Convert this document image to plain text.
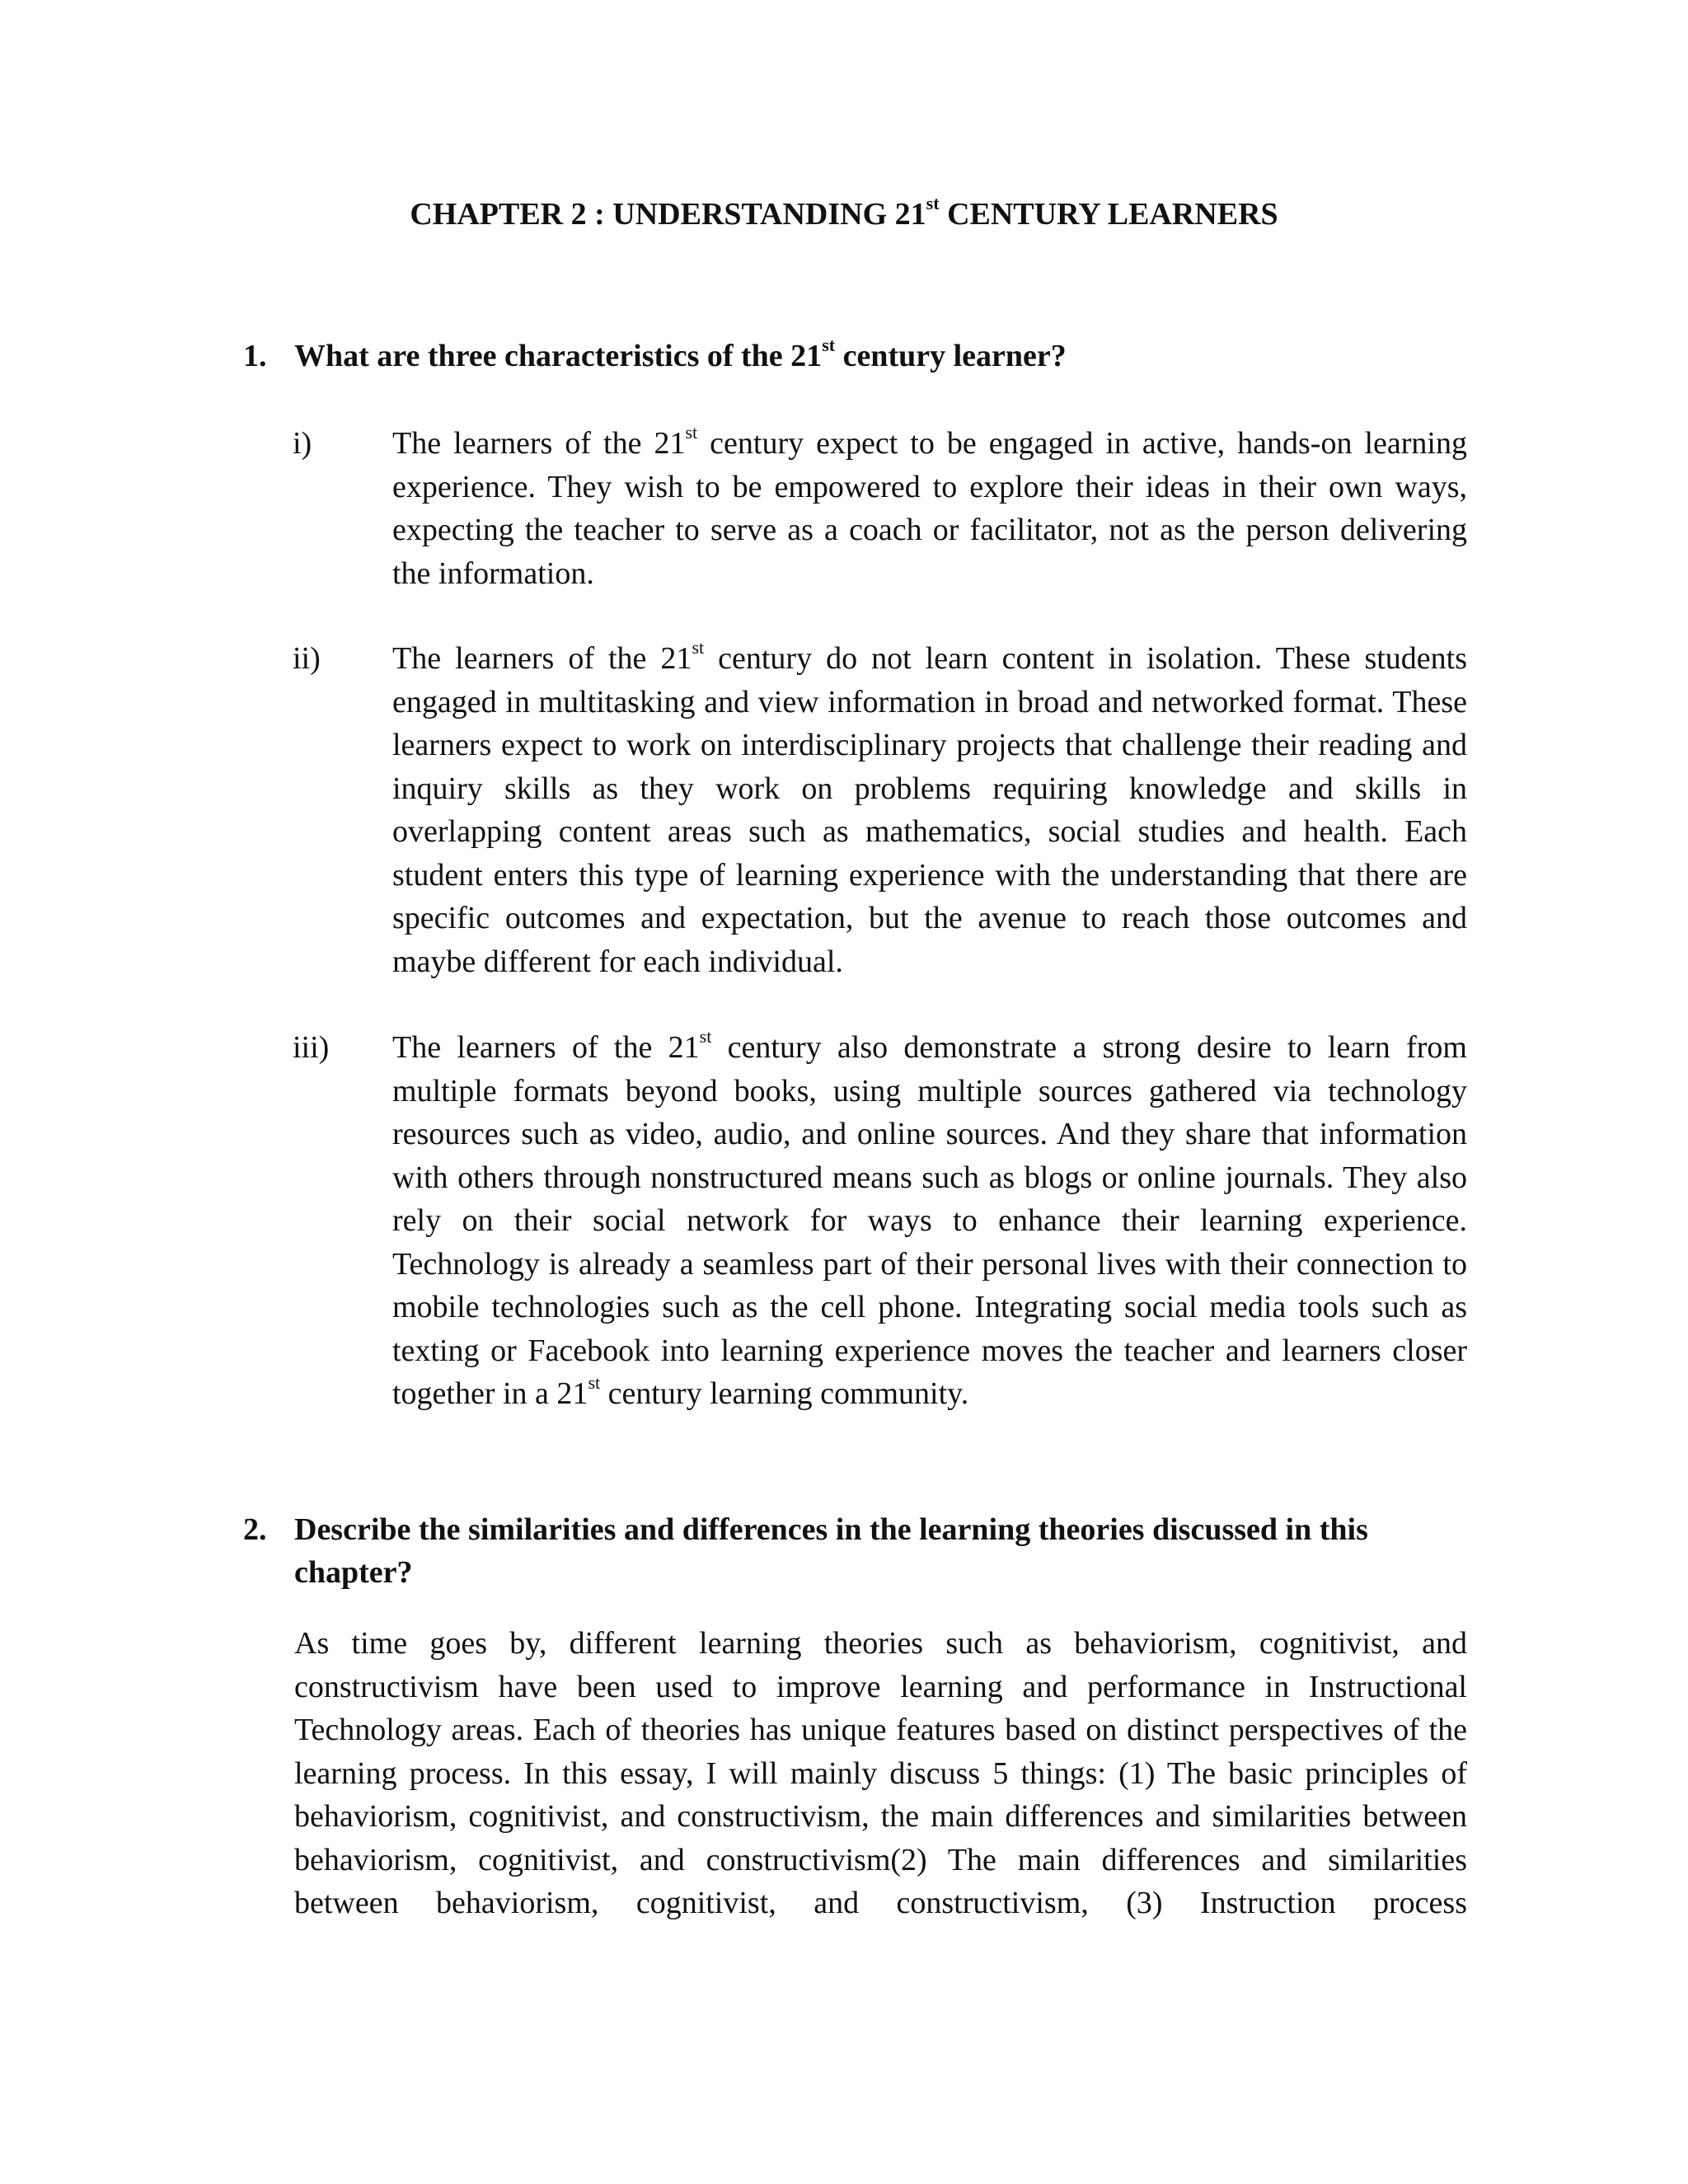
CHAPTER 2 : UNDERSTANDING 21st CENTURY LEARNERS
1. What are three characteristics of the 21st century learner?
i)	The learners of the 21st century expect to be engaged in active, hands-on learning experience. They wish to be empowered to explore their ideas in their own ways, expecting the teacher to serve as a coach or facilitator, not as the person delivering the information.
ii) The learners of the 21st century do not learn content in isolation. These students engaged in multitasking and view information in broad and networked format. These learners expect to work on interdisciplinary projects that challenge their reading and inquiry skills as they work on problems requiring knowledge and skills in overlapping content areas such as mathematics, social studies and health. Each student enters this type of learning experience with the understanding that there are specific outcomes and expectation, but the avenue to reach those outcomes and maybe different for each individual.
iii) The learners of the 21st century also demonstrate a strong desire to learn from multiple formats beyond books, using multiple sources gathered via technology resources such as video, audio, and online sources. And they share that information with others through nonstructured means such as blogs or online journals. They also rely on their social network for ways to enhance their learning experience. Technology is already a seamless part of their personal lives with their connection to mobile technologies such as the cell phone. Integrating social media tools such as texting or Facebook into learning experience moves the teacher and learners closer together in a 21st century learning community.
2. Describe the similarities and differences in the learning theories discussed in this chapter?
As time goes by, different learning theories such as behaviorism, cognitivist, and constructivism have been used to improve learning and performance in Instructional Technology areas. Each of theories has unique features based on distinct perspectives of the learning process. In this essay, I will mainly discuss 5 things: (1) The basic principles of behaviorism, cognitivist, and constructivism, the main differences and similarities between behaviorism, cognitivist, and constructivism(2) The main differences and similarities between behaviorism, cognitivist, and constructivism, (3) Instruction process
